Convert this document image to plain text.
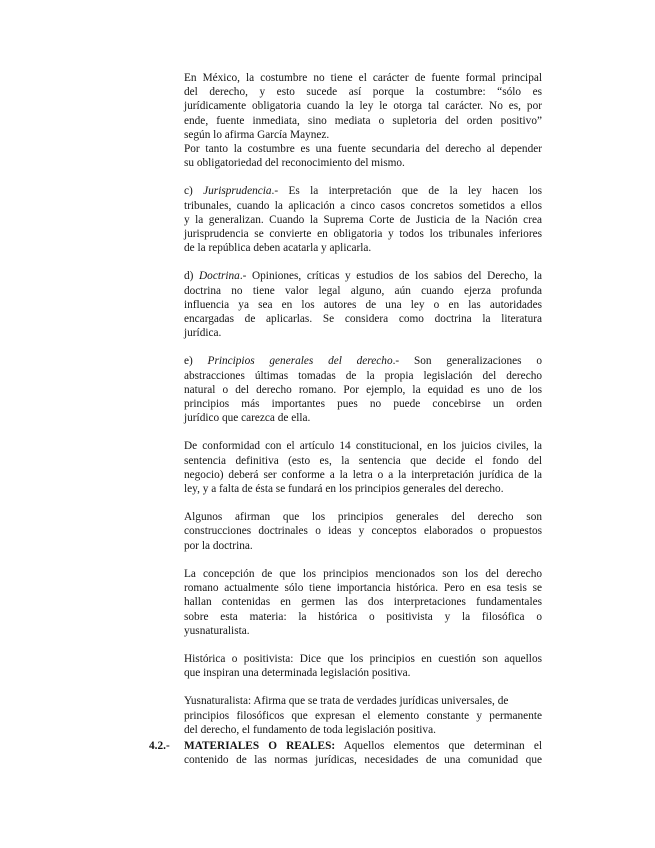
En México, la costumbre no tiene el carácter de fuente formal principal
del derecho, y esto sucede así porque la costumbre: “sólo es
jurídicamente obligatoria cuando la ley le otorga tal carácter. No es, por
ende, fuente inmediata, sino mediata o supletoria del orden positivo”
según lo afirma García Maynez.
Por tanto la costumbre es una fuente secundaria del derecho al depender
su obligatoriedad del reconocimiento del mismo.
c) Jurisprudencia.- Es la interpretación que de la ley hacen los
tribunales, cuando la aplicación a cinco casos concretos sometidos a ellos
y la generalizan. Cuando la Suprema Corte de Justicia de la Nación crea
jurisprudencia se convierte en obligatoria y todos los tribunales inferiores
de la república deben acatarla y aplicarla.
d) Doctrina.- Opiniones, críticas y estudios de los sabios del Derecho, la
doctrina no tiene valor legal alguno, aún cuando ejerza profunda
influencia ya sea en los autores de una ley o en las autoridades
encargadas de aplicarlas. Se considera como doctrina la literatura
jurídica.
e) Principios generales del derecho.- Son generalizaciones o
abstracciones últimas tomadas de la propia legislación del derecho
natural o del derecho romano. Por ejemplo, la equidad es uno de los
principios más importantes pues no puede concebirse un orden
jurídico que carezca de ella.
De conformidad con el artículo 14 constitucional, en los juicios civiles, la
sentencia definitiva (esto es, la sentencia que decide el fondo del
negocio) deberá ser conforme a la letra o a la interpretación jurídica de la
ley, y a falta de ésta se fundará en los principios generales del derecho.
Algunos afirman que los principios generales del derecho son
construcciones doctrinales o ideas y conceptos elaborados o propuestos
por la doctrina.
La concepción de que los principios mencionados son los del derecho
romano actualmente sólo tiene importancia histórica. Pero en esa tesis se
hallan contenidas en germen las dos interpretaciones fundamentales
sobre esta materia: la histórica o positivista y la filosófica o
yusnaturalista.
Histórica o positivista: Dice que los principios en cuestión son aquellos
que inspiran una determinada legislación positiva.
Yusnaturalista: Afirma que se trata de verdades jurídicas universales, de
principios filosóficos que expresan el elemento constante y permanente
del derecho, el fundamento de toda legislación positiva.
4.2.- MATERIALES O REALES: Aquellos elementos que determinan el
contenido de las normas jurídicas, necesidades de una comunidad que
